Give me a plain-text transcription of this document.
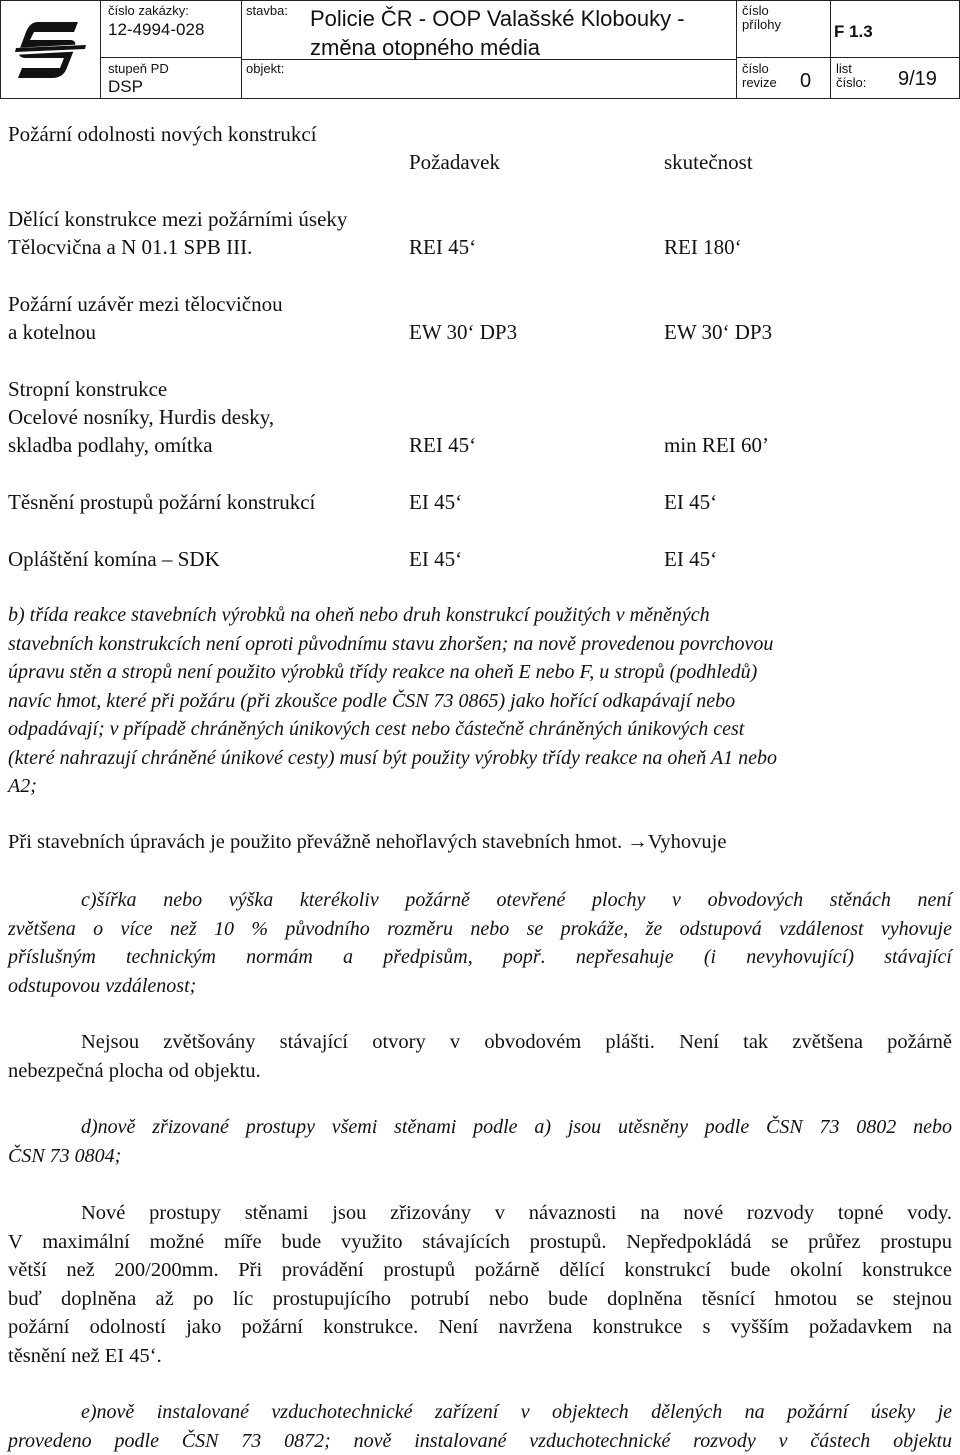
číslo zakázky:
12-4994-028
stupeň PD
DSP
stavba: Policie ČR - OOP Valašské Klobouky -
změna otopného média
objekt:
číslo
přílohy	F 1.3
číslo
revize 0
list
číslo: 9/19
Požární odolnosti nových konstrukcí
Požadavek	skutečnost
Dělící konstrukce mezi požárními úseky
Tělocvična a N 01.1 SPB III.	REI 45‘	REI 180‘
Požární uzávěr mezi tělocvičnou
a kotelnou	EW 30‘ DP3	EW 30‘ DP3
Stropní konstrukce
Ocelové nosníky, Hurdis desky,
skladba podlahy, omítka	REI 45‘	min REI 60’
Těsnění prostupů požární konstrukcí	EI 45‘	EI 45‘
Opláštění komína – SDK	EI 45‘	EI 45‘
b) třída reakce stavebních výrobků na oheň nebo druh konstrukcí použitých v měněných
stavebních konstrukcích není oproti původnímu stavu zhoršen; na nově provedenou povrchovou
úpravu stěn a stropů není použito výrobků třídy reakce na oheň E nebo F, u stropů (podhledů)
navíc hmot, které při požáru (při zkoušce podle ČSN 73 0865) jako hořící odkapávají nebo
odpadávají; v případě chráněných únikových cest nebo částečně chráněných únikových cest
(které nahrazují chráněné únikové cesty) musí být použity výrobky třídy reakce na oheň A1 nebo
A2;
Při stavebních úpravách je použito převážně nehořlavých stavebních hmot. →Vyhovuje
c)šířka nebo výška kterékoliv požárně otevřené plochy v obvodových stěnách není
zvětšena o více než 10 % původního rozměru nebo se prokáže, že odstupová vzdálenost vyhovuje
příslušným technickým normám a předpisům, popř. nepřesahuje (i nevyhovující) stávající
odstupovou vzdálenost;
Nejsou zvětšovány stávající otvory v obvodovém plášti. Není tak zvětšena požárně
nebezpečná plocha od objektu.
d)nově zřizované prostupy všemi stěnami podle a) jsou utěsněny podle ČSN 73 0802 nebo
ČSN 73 0804;
Nové prostupy stěnami jsou zřizovány v návaznosti na nové rozvody topné vody.
V maximální možné míře bude využito stávajících prostupů. Nepředpokládá se průřez prostupu
větší než 200/200mm. Při provádění prostupů požárně dělící konstrukcí bude okolní konstrukce
buď doplněna až po líc prostupujícího potrubí nebo bude doplněna těsnící hmotou se stejnou
požární odolností jako požární konstrukce. Není navržena konstrukce s vyšším požadavkem na
těsnění než EI 45‘.
e)nově instalované vzduchotechnické zařízení v objektech dělených na požární úseky je
provedeno podle ČSN 73 0872; nově instalované vzduchotechnické rozvody v částech objektu
